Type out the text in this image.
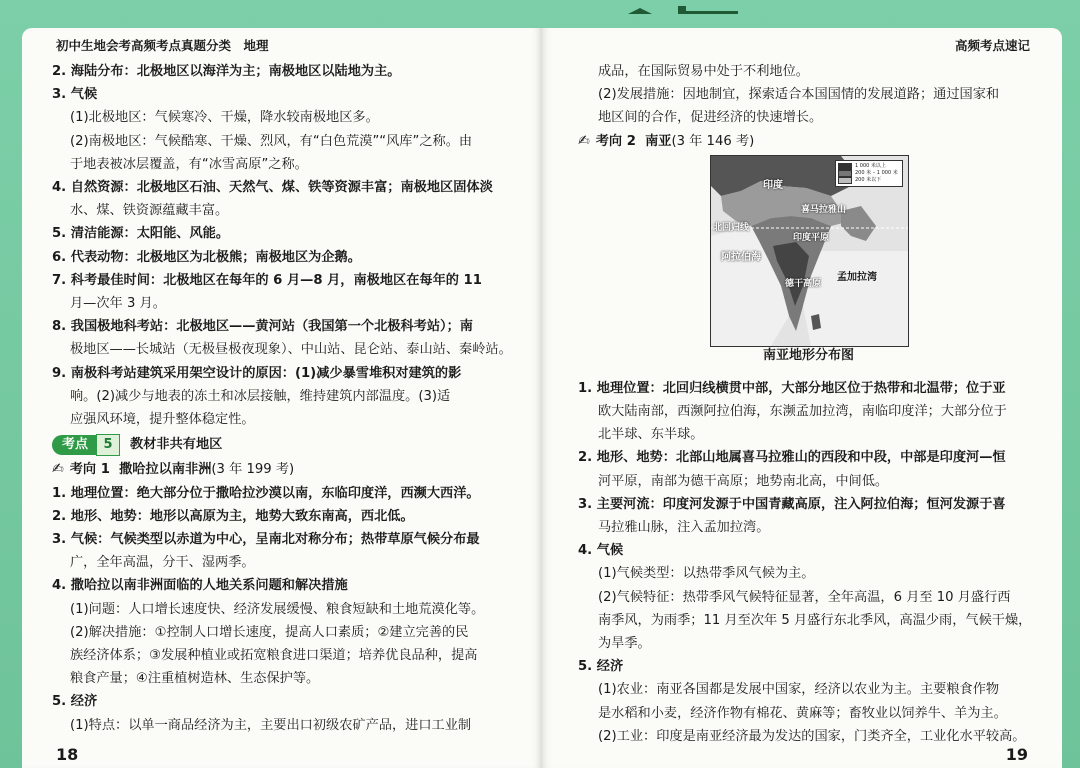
初中生地会考高频考点真题分类　地理
2. 海陆分布：北极地区以海洋为主；南极地区以陆地为主。
3. 气候
(1)北极地区：气候寒冷、干燥，降水较南极地区多。
(2)南极地区：气候酷寒、干燥、烈风，有“白色荒漠”“风库”之称。由
于地表被冰层覆盖，有“冰雪高原”之称。
4. 自然资源：北极地区石油、天然气、煤、铁等资源丰富；南极地区固体淡
水、煤、铁资源蕴藏丰富。
5. 清洁能源：太阳能、风能。
6. 代表动物：北极地区为北极熊；南极地区为企鹅。
7. 科考最佳时间：北极地区在每年的 6 月—8 月，南极地区在每年的 11
月—次年 3 月。
8. 我国极地科考站：北极地区——黄河站（我国第一个北极科考站）；南
极地区——长城站（无极昼极夜现象）、中山站、昆仑站、泰山站、秦岭站。
9. 南极科考站建筑采用架空设计的原因：(1)减少暴雪堆积对建筑的影
响。(2)减少与地表的冻土和冰层接触，维持建筑内部温度。(3)适
应强风环境，提升整体稳定性。
考点	5	教材非共有地区
✍ 考向 1
撒哈拉以南非洲 (3 年 199 考)
1. 地理位置：绝大部分位于撒哈拉沙漠以南，东临印度洋，西濒大西洋。
2. 地形、地势：地形以高原为主，地势大致东南高，西北低。
3. 气候：气候类型以赤道为中心，呈南北对称分布；热带草原气候分布最
广，全年高温，分干、湿两季。
4. 撒哈拉以南非洲面临的人地关系问题和解决措施
(1)问题：人口增长速度快、经济发展缓慢、粮食短缺和土地荒漠化等。
(2)解决措施：①控制人口增长速度，提高人口素质；②建立完善的民
族经济体系；③发展种植业或拓宽粮食进口渠道；培养优良品种，提高
粮食产量；④注重植树造林、生态保护等。
5. 经济
(1)特点：以单一商品经济为主，主要出口初级农矿产品，进口工业制
18
高频考点速记
成品，在国际贸易中处于不利地位。
(2)发展措施：因地制宜，探索适合本国国情的发展道路；通过国家和
地区间的合作，促进经济的快速增长。
✍ 考向 2
南亚 (3 年 146 考)
1. 地理位置：北回归线横贯中部，大部分地区位于热带和北温带；位于亚
欧大陆南部，西濒阿拉伯海，东濒孟加拉湾，南临印度洋；大部分位于
北半球、东半球。
2. 地形、地势：北部山地属喜马拉雅山的西段和中段，中部是印度河—恒
河平原，南部为德干高原；地势南北高，中间低。
3. 主要河流：印度河发源于中国青藏高原，注入阿拉伯海；恒河发源于喜
马拉雅山脉，注入孟加拉湾。
4. 气候
(1)气候类型：以热带季风气候为主。
(2)气候特征：热带季风气候特征显著，全年高温，6 月至 10 月盛行西
南季风，为雨季；11 月至次年 5 月盛行东北季风，高温少雨，气候干燥，
为旱季。
5. 经济
(1)农业：南亚各国都是发展中国家，经济以农业为主。主要粮食作物
是水稻和小麦，经济作物有棉花、黄麻等；畜牧业以饲养牛、羊为主。
(2)工业：印度是南亚经济最为发达的国家，门类齐全，工业化水平较高。
1 000 米以上
200 米 – 1 000 米
200 米以下
印度
喜马拉雅山
北回归线
阿拉伯海
印度平原
德干高原
孟加拉湾
南亚地形分布图
19
